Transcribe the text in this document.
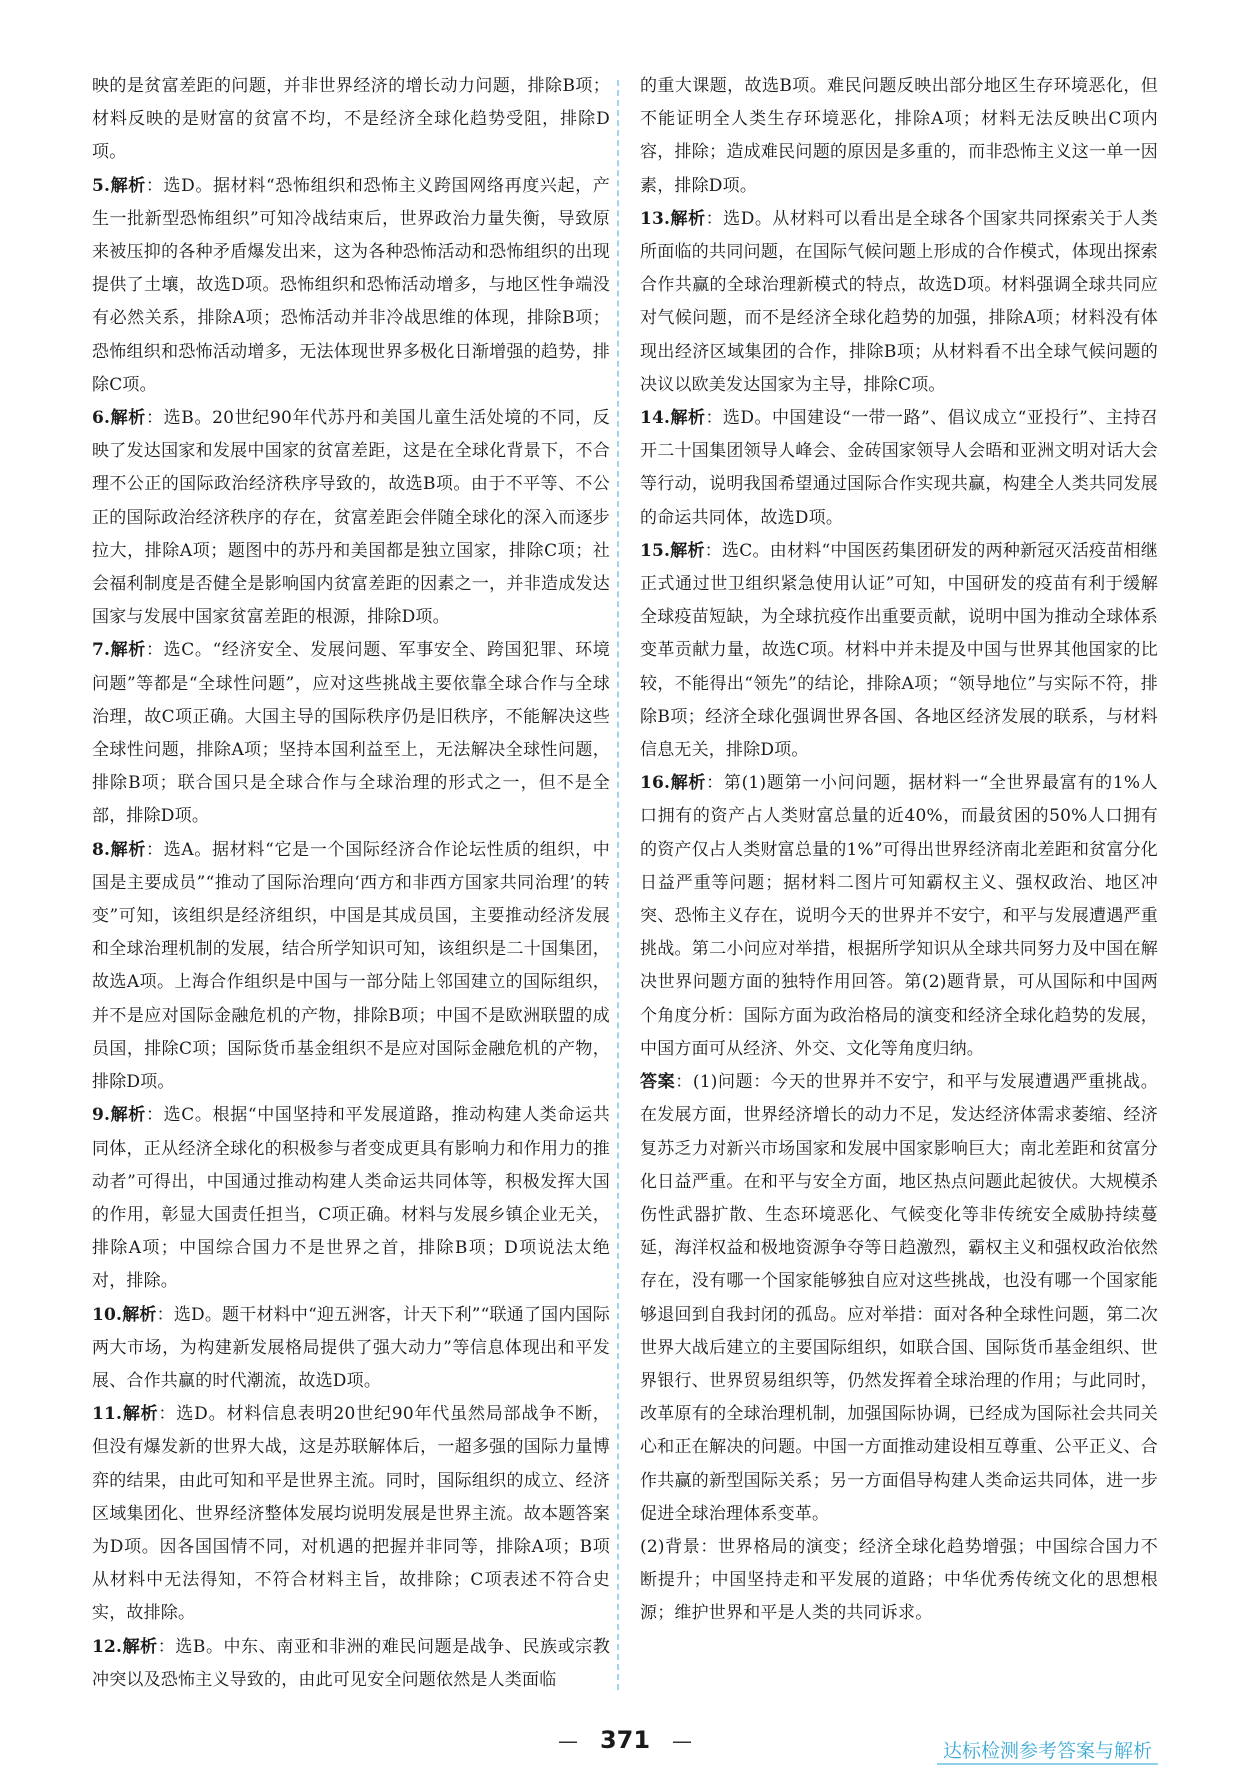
映的是贫富差距的问题，并非世界经济的增长动力问题，排除B项；材料反映的是财富的贫富不均，不是经济全球化趋势受阻，排除D项。

5.解析：选D。据材料“恐怖组织和恐怖主义跨国网络再度兴起，产生一批新型恐怖组织”可知冷战结束后，世界政治力量失衡，导致原来被压抑的各种矛盾爆发出来，这为各种恐怖活动和恐怖组织的出现提供了土壤，故选D项。恐怖组织和恐怖活动增多，与地区性争端没有必然关系，排除A项；恐怖活动并非冷战思维的体现，排除B项；恐怖组织和恐怖活动增多，无法体现世界多极化日渐增强的趋势，排除C项。

6.解析：选B。20世纪90年代苏丹和美国儿童生活处境的不同，反映了发达国家和发展中国家的贫富差距，这是在全球化背景下，不合理不公正的国际政治经济秩序导致的，故选B项。由于不平等、不公正的国际政治经济秩序的存在，贫富差距会伴随全球化的深入而逐步拉大，排除A项；题图中的苏丹和美国都是独立国家，排除C项；社会福利制度是否健全是影响国内贫富差距的因素之一，并非造成发达国家与发展中国家贫富差距的根源，排除D项。

7.解析：选C。“经济安全、发展问题、军事安全、跨国犯罪、环境问题”等都是“全球性问题”，应对这些挑战主要依靠全球合作与全球治理，故C项正确。大国主导的国际秩序仍是旧秩序，不能解决这些全球性问题，排除A项；坚持本国利益至上，无法解决全球性问题，排除B项；联合国只是全球合作与全球治理的形式之一，但不是全部，排除D项。

8.解析：选A。据材料“它是一个国际经济合作论坛性质的组织，中国是主要成员”“推动了国际治理向‘西方和非西方国家共同治理’的转变”可知，该组织是经济组织，中国是其成员国，主要推动经济发展和全球治理机制的发展，结合所学知识可知，该组织是二十国集团，故选A项。上海合作组织是中国与一部分陆上邻国建立的国际组织，并不是应对国际金融危机的产物，排除B项；中国不是欧洲联盟的成员国，排除C项；国际货币基金组织不是应对国际金融危机的产物，排除D项。

9.解析：选C。根据“中国坚持和平发展道路，推动构建人类命运共同体，正从经济全球化的积极参与者变成更具有影响力和作用力的推动者”可得出，中国通过推动构建人类命运共同体等，积极发挥大国的作用，彰显大国责任担当，C项正确。材料与发展乡镇企业无关，排除A项；中国综合国力不是世界之首，排除B项；D项说法太绝对，排除。

10.解析：选D。题干材料中“迎五洲客，计天下利”“联通了国内国际两大市场，为构建新发展格局提供了强大动力”等信息体现出和平发展、合作共赢的时代潮流，故选D项。

11.解析：选D。材料信息表明20世纪90年代虽然局部战争不断，但没有爆发新的世界大战，这是苏联解体后，一超多强的国际力量博弈的结果，由此可知和平是世界主流。同时，国际组织的成立、经济区域集团化、世界经济整体发展均说明发展是世界主流。故本题答案为D项。因各国国情不同，对机遇的把握并非同等，排除A项；B项从材料中无法得知，不符合材料主旨，故排除；C项表述不符合史实，故排除。

12.解析：选B。中东、南亚和非洲的难民问题是战争、民族或宗教冲突以及恐怖主义导致的，由此可见安全问题依然是人类面临

的重大课题，故选B项。难民问题反映出部分地区生存环境恶化，但不能证明全人类生存环境恶化，排除A项；材料无法反映出C项内容，排除；造成难民问题的原因是多重的，而非恐怖主义这一单一因素，排除D项。

13.解析：选D。从材料可以看出是全球各个国家共同探索关于人类所面临的共同问题，在国际气候问题上形成的合作模式，体现出探索合作共赢的全球治理新模式的特点，故选D项。材料强调全球共同应对气候问题，而不是经济全球化趋势的加强，排除A项；材料没有体现出经济区域集团的合作，排除B项；从材料看不出全球气候问题的决议以欧美发达国家为主导，排除C项。

14.解析：选D。中国建设“一带一路”、倡议成立“亚投行”、主持召开二十国集团领导人峰会、金砖国家领导人会晤和亚洲文明对话大会等行动，说明我国希望通过国际合作实现共赢，构建全人类共同发展的命运共同体，故选D项。

15.解析：选C。由材料“中国医药集团研发的两种新冠灭活疫苗相继正式通过世卫组织紧急使用认证”可知，中国研发的疫苗有利于缓解全球疫苗短缺，为全球抗疫作出重要贡献，说明中国为推动全球体系变革贡献力量，故选C项。材料中并未提及中国与世界其他国家的比较，不能得出“领先”的结论，排除A项；“领导地位”与实际不符，排除B项；经济全球化强调世界各国、各地区经济发展的联系，与材料信息无关，排除D项。

16.解析：第(1)题第一小问问题，据材料一“全世界最富有的1%人口拥有的资产占人类财富总量的近40%，而最贫困的50%人口拥有的资产仅占人类财富总量的1%”可得出世界经济南北差距和贫富分化日益严重等问题；据材料二图片可知霸权主义、强权政治、地区冲突、恐怖主义存在，说明今天的世界并不安宁，和平与发展遭遇严重挑战。第二小问应对举措，根据所学知识从全球共同努力及中国在解决世界问题方面的独特作用回答。第(2)题背景，可从国际和中国两个角度分析：国际方面为政治格局的演变和经济全球化趋势的发展，中国方面可从经济、外交、文化等角度归纳。

答案：(1)问题：今天的世界并不安宁，和平与发展遭遇严重挑战。在发展方面，世界经济增长的动力不足，发达经济体需求萎缩、经济复苏乏力对新兴市场国家和发展中国家影响巨大；南北差距和贫富分化日益严重。在和平与安全方面，地区热点问题此起彼伏。大规模杀伤性武器扩散、生态环境恶化、气候变化等非传统安全威胁持续蔓延，海洋权益和极地资源争夺等日趋激烈，霸权主义和强权政治依然存在，没有哪一个国家能够独自应对这些挑战，也没有哪一个国家能够退回到自我封闭的孤岛。应对举措：面对各种全球性问题，第二次世界大战后建立的主要国际组织，如联合国、国际货币基金组织、世界银行、世界贸易组织等，仍然发挥着全球治理的作用；与此同时，改革原有的全球治理机制，加强国际协调，已经成为国际社会共同关心和正在解决的问题。中国一方面推动建设相互尊重、公平正义、合作共赢的新型国际关系；另一方面倡导构建人类命运共同体，进一步促进全球治理体系变革。

(2)背景：世界格局的演变；经济全球化趋势增强；中国综合国力不断提升；中国坚持走和平发展的道路；中华优秀传统文化的思想根源；维护世界和平是人类的共同诉求。

— 371 —	达标检测参考答案与解析
